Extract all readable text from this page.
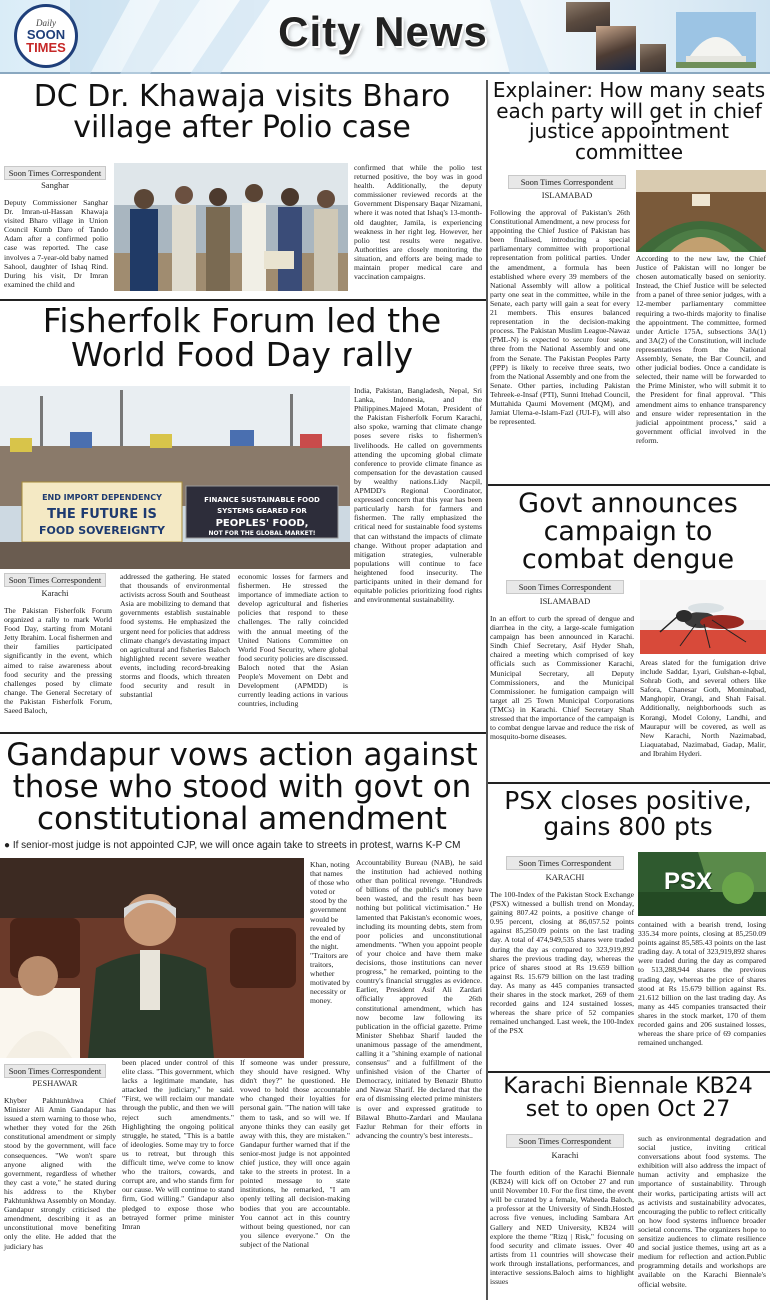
Daily
SOON
TIMES	City News
DC Dr. Khawaja visits Bharo village after Polio case
Soon Times Correspondent
Sanghar
Deputy Commissioner Sanghar Dr. Imran-ul-Hassan Khawaja visited Bharo village in Union Council Kumb Daro of Tando Adam after a confirmed polio case was reported. The case involves a 7-year-old baby named Sahool, daughter of Ishaq Rind. During his visit, Dr Imran examined the child and
confirmed that while the polio test returned positive, the boy was in good health. Additionally, the deputy commissioner reviewed records at the Government Dispensary Baqar Nizamani, where it was noted that Ishaq's 13-month-old daughter, Jamila, is experiencing weakness in her right leg. However, her polio test results were negative. Authorities are closely monitoring the situation, and efforts are being made to maintain proper medical care and vaccination campaigns.
Fisherfolk Forum led the World Food Day rally
END IMPORT DEPENDENCY
THE FUTURE IS
FOOD SOVEREIGNTY
FINANCE SUSTAINABLE FOOD
SYSTEMS GEARED FOR
PEOPLES' FOOD,
NOT FOR THE GLOBAL MARKET!
India, Pakistan, Bangladesh, Nepal, Sri Lanka, Indonesia, and the Philippines.Majeed Motan, President of the Pakistan Fisherfolk Forum Karachi, also spoke, warning that climate change poses severe risks to fishermen's livelihoods. He called on governments attending the upcoming global climate conference to provide climate finance as compensation for the devastation caused by wealthy nations.Lidy Nacpil, APMDD's Regional Coordinator, expressed concern that this year has been particularly harsh for farmers and fishermen. The rally emphasized the critical need for sustainable food systems that can withstand the impacts of climate change. Without proper adaptation and mitigation strategies, vulnerable populations will continue to face heightened food insecurity. The participants united in their demand for equitable policies prioritizing food rights and environmental sustainability.
Soon Times Correspondent
Karachi
The Pakistan Fisherfolk Forum organized a rally to mark World Food Day, starting from Motani Jetty Ibrahim. Local fishermen and their families participated significantly in the event, which aimed to raise awareness about food security and the pressing challenges posed by climate change. The General Secretary of the Pakistan Fisherfolk Forum, Saeed Baloch,
addressed the gathering. He stated that thousands of environmental activists across South and Southeast Asia are mobilizing to demand that governments establish sustainable food systems. He emphasized the urgent need for policies that address climate change's devastating impact on agricultural and fisheries Baloch highlighted recent severe weather events, including record-breaking storms and floods, which threaten food security and result in substantial
economic losses for farmers and fishermen. He stressed the importance of immediate action to develop agricultural and fisheries policies that respond to these challenges. The rally coincided with the annual meeting of the United Nations Committee on World Food Security, where global food security policies are discussed. Baloch noted that the Asian People's Movement on Debt and Development (APMDD) is currently leading actions in various countries, including
Gandapur vows action against those who stood with govt on constitutional amendment
● If senior-most judge is not appointed CJP, we will once again take to streets in protest, warns K-P CM
Khan, noting that names of those who voted or stood by the government would be revealed by the end of the night. "Traitors are traitors, whether motivated by necessity or money.
Soon Times Correspondent
PESHAWAR
Khyber Pakhtunkhwa Chief Minister Ali Amin Gandapur has issued a stern warning to those who, whether they voted for the 26th constitutional amendment or simply stood by the government, will face consequences. "We won't spare anyone aligned with the government, regardless of whether they cast a vote," he stated during his address to the Khyber Pakhtunkhwa Assembly on Monday. Gandapur strongly criticised the amendment, describing it as an unconstitutional move benefiting only the elite. He added that the judiciary has
been placed under control of this elite class. "This government, which lacks a legitimate mandate, has attacked the judiciary," he said. "First, we will reclaim our mandate through the public, and then we will reject such amendments." Highlighting the ongoing political struggle, he stated, "This is a battle of ideologies. Some may try to force us to retreat, but through this difficult time, we've come to know who the traitors, cowards, and corrupt are, and who stands firm for our cause. We will continue to stand firm, God willing." Gandapur also pledged to expose those who betrayed former prime minister Imran
If someone was under pressure, they should have resigned. Why didn't they?" he questioned. He vowed to hold those accountable who changed their loyalties for personal gain. "The nation will take them to task, and so will we. If anyone thinks they can easily get away with this, they are mistaken." Gandapur further warned that if the senior-most judge is not appointed chief justice, they will once again take to the streets in protest. In a pointed message to state institutions, he remarked, "I am openly telling all decision-making bodies that you are accountable. You cannot act in this country without being questioned, nor can you silence everyone." On the subject of the National
Accountability Bureau (NAB), he said the institution had achieved nothing other than political revenge. "Hundreds of billions of the public's money have been wasted, and the result has been nothing but political victimisation." He lamented that Pakistan's economic woes, including its mounting debts, stem from poor policies and unconstitutional amendments. "When you appoint people of your choice and have them make decisions, those institutions can never progress," he remarked, pointing to the country's financial struggles as evidence. Earlier, President Asif Ali Zardari officially approved the 26th constitutional amendment, which has now become law following its publication in the official gazette. Prime Minister Shehbaz Sharif lauded the unanimous passage of the amendment, calling it a "shining example of national consensus" and a fulfillment of the unfinished vision of the Charter of Democracy, initiated by Benazir Bhutto and Nawaz Sharif. He declared that the era of dismissing elected prime ministers is over and expressed gratitude to Bilawal Bhutto-Zardari and Maulana Fazlur Rehman for their efforts in advancing the country's best interests..
Explainer: How many seats each party will get in chief justice appointment committee
Soon Times Correspondent
ISLAMABAD
Following the approval of Pakistan's 26th Constitutional Amendment, a new process for appointing the Chief Justice of Pakistan has been finalised, introducing a special parliamentary committee with proportional representation from political parties. Under the amendment, a formula has been established where every 39 members of the National Assembly will allow a political party one seat in the committee, while in the Senate, each party will gain a seat for every 21 members. This ensures balanced representation in the decision-making process. The Pakistan Muslim League-Nawaz (PML-N) is expected to secure four seats, three from the National Assembly and one from the Senate. The Pakistan Peoples Party (PPP) is likely to receive three seats, two from the National Assembly and one from the Senate. Other parties, including Pakistan Tehreek-e-Insaf (PTI), Sunni Ittehad Council, Muttahida Qaumi Movement (MQM), and Jamiat Ulema-e-Islam-Fazl (JUI-F), will also be represented.
According to the new law, the Chief Justice of Pakistan will no longer be chosen automatically based on seniority. Instead, the Chief Justice will be selected from a panel of three senior judges, with a 12-member parliamentary committee requiring a two-thirds majority to finalise the appointment. The committee, formed under Article 175A, subsections 3A(1) and 3A(2) of the Constitution, will include representatives from the National Assembly, Senate, the Bar Council, and other judicial bodies. Once a candidate is selected, their name will be forwarded to the Prime Minister, who will submit it to the President for final approval. "This amendment aims to enhance transparency and ensure wider representation in the judicial appointment process," said a government official involved in the reform.
Govt announces campaign to combat dengue
Soon Times Correspondent
ISLAMABAD
In an effort to curb the spread of dengue and diarrhea in the city, a large-scale fumigation campaign has been announced in Karachi. Sindh Chief Secretary, Asif Hyder Shah, chaired a meeting which comprised of key officials such as Commissioner Karachi, Municipal Secretary, all Deputy Commissioners, and the Municipal Commissioner. he fumigation campaign will target all 25 Town Municipal Corporations (TMCs) in Karachi. Chief Secretary Shah stressed that the importance of the campaign is to combat dengue larvae and reduce the risk of mosquito-borne diseases.
Areas slated for the fumigation drive include Saddar, Lyari, Gulshan-e-Iqbal, Sohrab Goth, and several others like Safora, Chanesar Goth, Mominabad, Manghopir, Orangi, and Shah Faisal. Additionally, neighborhoods such as Korangi, Model Colony, Landhi, and Maurapur will be covered, as well as New Karachi, North Nazimabad, Liaquatabad, Nazimabad, Gadap, Malir, and Ibrahim Hyderi.
PSX closes positive, gains 800 pts
Soon Times Correspondent
KARACHI	PSX
The 100-Index of the Pakistan Stock Exchange (PSX) witnessed a bullish trend on Monday, gaining 807.42 points, a positive change of 0.95 percent, closing at 86,057.52 points against 85,250.09 points on the last trading day. A total of 474,949,535 shares were traded during the day as compared to 323,919,892 shares the previous trading day, whereas the price of shares stood at Rs 19.659 billion against Rs. 15.679 billion on the last trading day. As many as 445 companies transacted their shares in the stock market, 269 of them recorded gains and 124 sustained losses, whereas the share price of 52 companies remained unchanged. Last week, the 100-Index of the PSX
contained with a bearish trend, losing 335.34 more points, closing at 85,250.09 points against 85,585.43 points on the last trading day. A total of 323,919,892 shares were traded during the day as compared to 513,288,944 shares the previous trading day, whereas the price of shares stood at Rs 15.679 billion against Rs. 21.612 billion on the last trading day. As many as 445 companies transacted their shares in the stock market, 170 of them recorded gains and 206 sustained losses, whereas the share price of 69 companies remained unchanged.
Karachi Biennale KB24 set to open Oct 27
Soon Times Correspondent
Karachi
The fourth edition of the Karachi Biennale (KB24) will kick off on October 27 and run until November 10. For the first time, the event will be curated by a female, Waheeda Baloch, a professor at the University of Sindh.Hosted across five venues, including Sambara Art Gallery and NED University, KB24 will explore the theme "Rizq | Risk," focusing on food security and climate issues. Over 40 artists from 11 countries will showcase their work through installations, performances, and interactive sessions.Baloch aims to highlight issues
such as environmental degradation and social justice, inviting critical conversations about food systems. The exhibition will also address the impact of human activity and emphasize the importance of sustainability. Through their works, participating artists will act as activists and sustainability advocates, encouraging the public to reflect critically on how food systems influence broader societal concerns. The organizers hope to sensitize audiences to climate resilience and social justice themes, using art as a medium for reflection and action.Public programming details and workshops are available on the Karachi Biennale's official website.
